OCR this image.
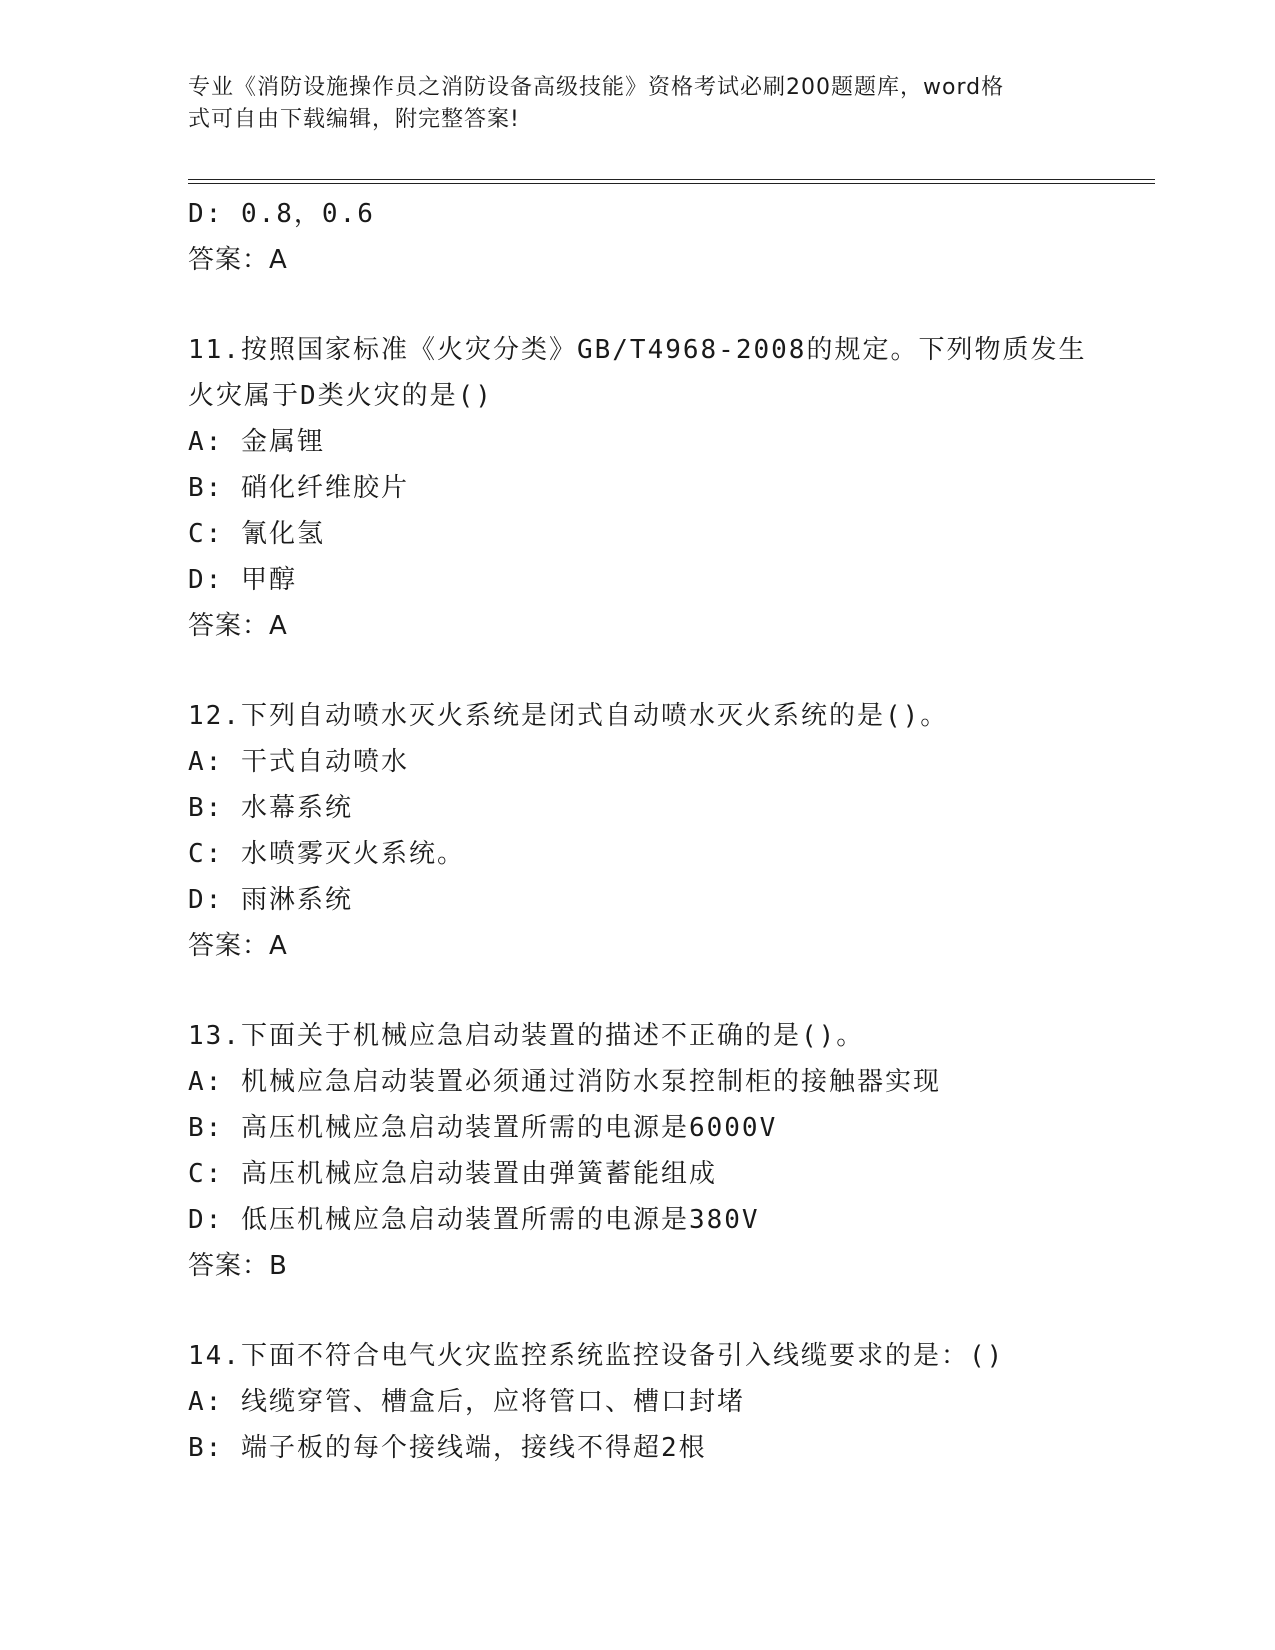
专业《消防设施操作员之消防设备高级技能》资格考试必刷200题题库，word格
式可自由下载编辑，附完整答案!
D: 0.8，0.6
答案：A
11.按照国家标准《火灾分类》GB/T4968-2008的规定。下列物质发生
火灾属于D类火灾的是()
A: 金属锂
B: 硝化纤维胶片
C: 氰化氢
D: 甲醇
答案：A
12.下列自动喷水灭火系统是闭式自动喷水灭火系统的是()。
A: 干式自动喷水
B: 水幕系统
C: 水喷雾灭火系统。
D: 雨淋系统
答案：A
13.下面关于机械应急启动装置的描述不正确的是()。
A: 机械应急启动装置必须通过消防水泵控制柜的接触器实现
B: 高压机械应急启动装置所需的电源是6000V
C: 高压机械应急启动装置由弹簧蓄能组成
D: 低压机械应急启动装置所需的电源是380V
答案：B
14.下面不符合电气火灾监控系统监控设备引入线缆要求的是：()
A: 线缆穿管、槽盒后，应将管口、槽口封堵
B: 端子板的每个接线端，接线不得超2根
